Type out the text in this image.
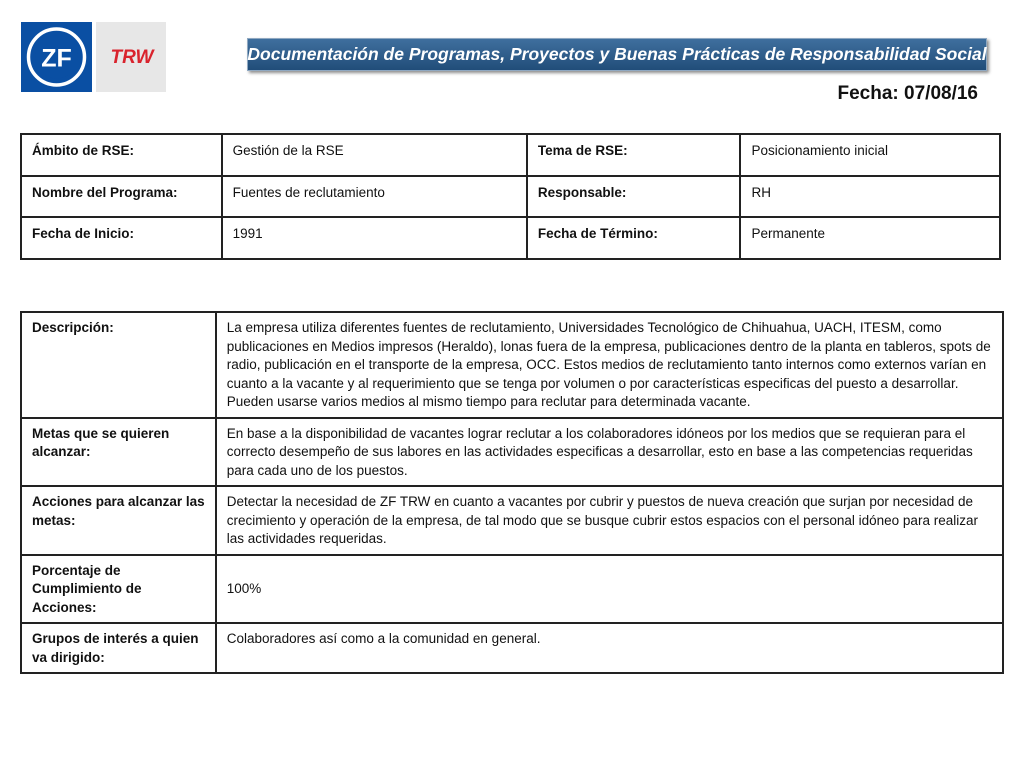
ZF TRW	Documentación de Programas, Proyectos y Buenas Prácticas de Responsabilidad Social
Fecha: 07/08/16
Ámbito de RSE:	Gestión de la RSE	Tema de RSE:	Posicionamiento inicial
Nombre del Programa:	Fuentes de reclutamiento	Responsable:	RH
Fecha de Inicio:	1991	Fecha de Término:	Permanente
Descripción:	La empresa utiliza diferentes fuentes de reclutamiento, Universidades Tecnológico de Chihuahua, UACH, ITESM, como publicaciones en Medios impresos (Heraldo), lonas fuera de la empresa, publicaciones dentro de la planta en tableros, spots de radio, publicación en el transporte de la empresa, OCC. Estos medios de reclutamiento tanto internos como externos varían en cuanto a la vacante y al requerimiento que se tenga por volumen o por características especificas del puesto a desarrollar. Pueden usarse varios medios al mismo tiempo para reclutar para determinada vacante.
Metas que se quieren alcanzar:	En base a la disponibilidad de vacantes lograr reclutar a los colaboradores idóneos por los medios que se requieran para el correcto desempeño de sus labores en las actividades especificas a desarrollar, esto en base a las competencias requeridas para cada uno de los puestos.
Acciones para alcanzar las metas:	Detectar la necesidad de ZF TRW en cuanto a vacantes por cubrir y puestos de nueva creación que surjan por necesidad de crecimiento y operación de la empresa, de tal modo que se busque cubrir estos espacios con el personal idóneo para realizar las actividades requeridas.
Porcentaje de Cumplimiento de Acciones:	100%
Grupos de interés a quien va dirigido:	Colaboradores así como a la comunidad en general.
